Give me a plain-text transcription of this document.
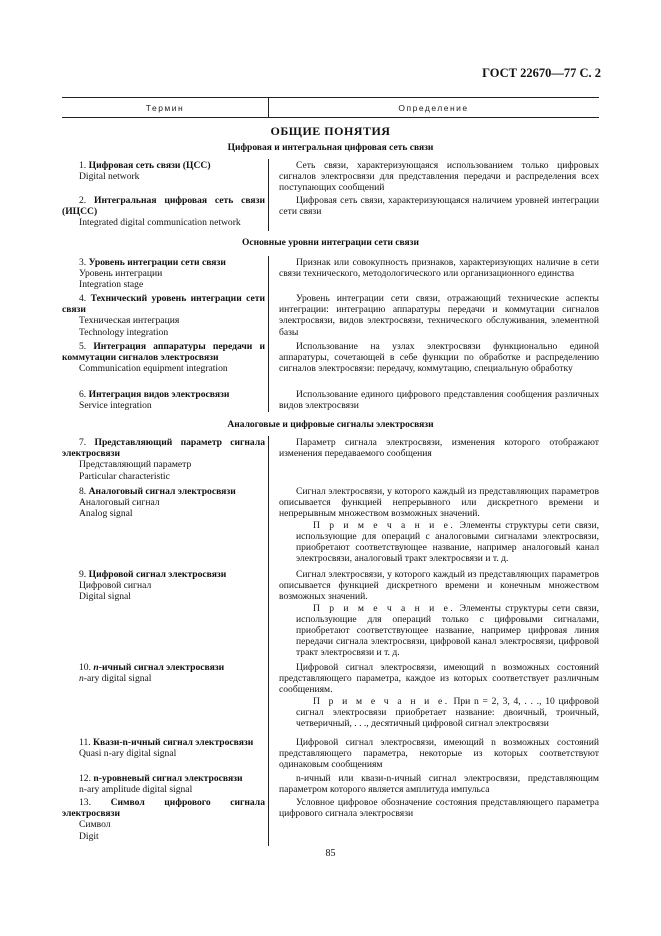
ГОСТ 22670—77 С. 2
Термин	Определение
ОБЩИЕ ПОНЯТИЯ
Цифровая и интегральная цифровая сеть связи

1. Цифровая сеть связи (ЦСС)

Digital network

Сеть связи, характеризующаяся использованием только цифровых сигналов электросвязи для представления передачи и распределения всех поступающих сообщений

2. Интегральная цифровая сеть связи (ИЦСС)

Integrated digital communication network

Цифровая сеть связи, характеризующаяся наличием уровней интеграции сети связи
Основные уровни интеграции сети связи

3. Уровень интеграции сети связи

Уровень интеграции

Integration stage

Признак или совокупность признаков, характеризующих наличие в сети связи технического, методологического или организационного единства

4. Технический уровень интеграции сети связи

Техническая интеграция

Technology integration

Уровень интеграции сети связи, отражающий технические аспекты интеграции: интеграцию аппаратуры передачи и коммутации сигналов электросвязи, видов электросвязи, технического обслуживания, элементной базы

5. Интеграция аппаратуры передачи и коммутации сигналов электросвязи

Communication equipment integration

Использование на узлах электросвязи функционально единой аппаратуры, сочетающей в себе функции по обработке и распределению сигналов электросвязи: передачу, коммутацию, специальную обработку

6. Интеграция видов электросвязи

Service integration

Использование единого цифрового представления сообщения различных видов электросвязи
Аналоговые и цифровые сигналы электросвязи

7. Представляющий параметр сигнала электросвязи

Представляющий параметр

Particular characteristic

Параметр сигнала электросвязи, изменения которого отображают изменения передаваемого сообщения

8. Аналоговый сигнал электросвязи

Аналоговый сигнал

Analog signal

Сигнал электросвязи, у которого каждый из представляющих параметров описывается функцией непрерывного или дискретного времени и непрерывным множеством возможных значений.

П р и м е ч а н и е. Элементы структуры сети связи, использующие для операций с аналоговыми сигналами электросвязи, приобретают соответствующее название, например аналоговый канал электросвязи, аналоговый тракт электросвязи и т. д.

9. Цифровой сигнал электросвязи

Цифровой сигнал

Digital signal

Сигнал электросвязи, у которого каждый из представляющих параметров описывается функцией дискретного времени и конечным множеством возможных значений.

П р и м е ч а н и е. Элементы структуры сети связи, использующие для операций только с цифровыми сигналами, приобретают соответствующее название, например цифровая линия передачи сигнала электросвязи, цифровой канал электросвязи, цифровой тракт электросвязи и т. д.

10. n-ичный сигнал электросвязи

n-ary digital signal

Цифровой сигнал электросвязи, имеющий n возможных состояний представляющего параметра, каждое из которых соответствует различным сообщениям.

П р и м е ч а н и е. При n = 2, 3, 4, . . ., 10 цифровой сигнал электросвязи приобретает название: двоичный, троичный, четверичный, . . ., десятичный цифровой сигнал электросвязи

11. Квази-n-ичный сигнал электросвязи

Quasi n-ary digital signal

Цифровой сигнал электросвязи, имеющий n возможных состояний представляющего параметра, некоторые из которых соответствуют одинаковым сообщениям

12. n-уровневый сигнал электросвязи

n-ary amplitude digital signal

n-ичный или квази-n-ичный сигнал электросвязи, представляющим параметром которого является амплитуда импульса

13. Символ цифрового сигнала электросвязи

Символ

Digit

Условное цифровое обозначение состояния представляющего параметра цифрового сигнала электросвязи
85
